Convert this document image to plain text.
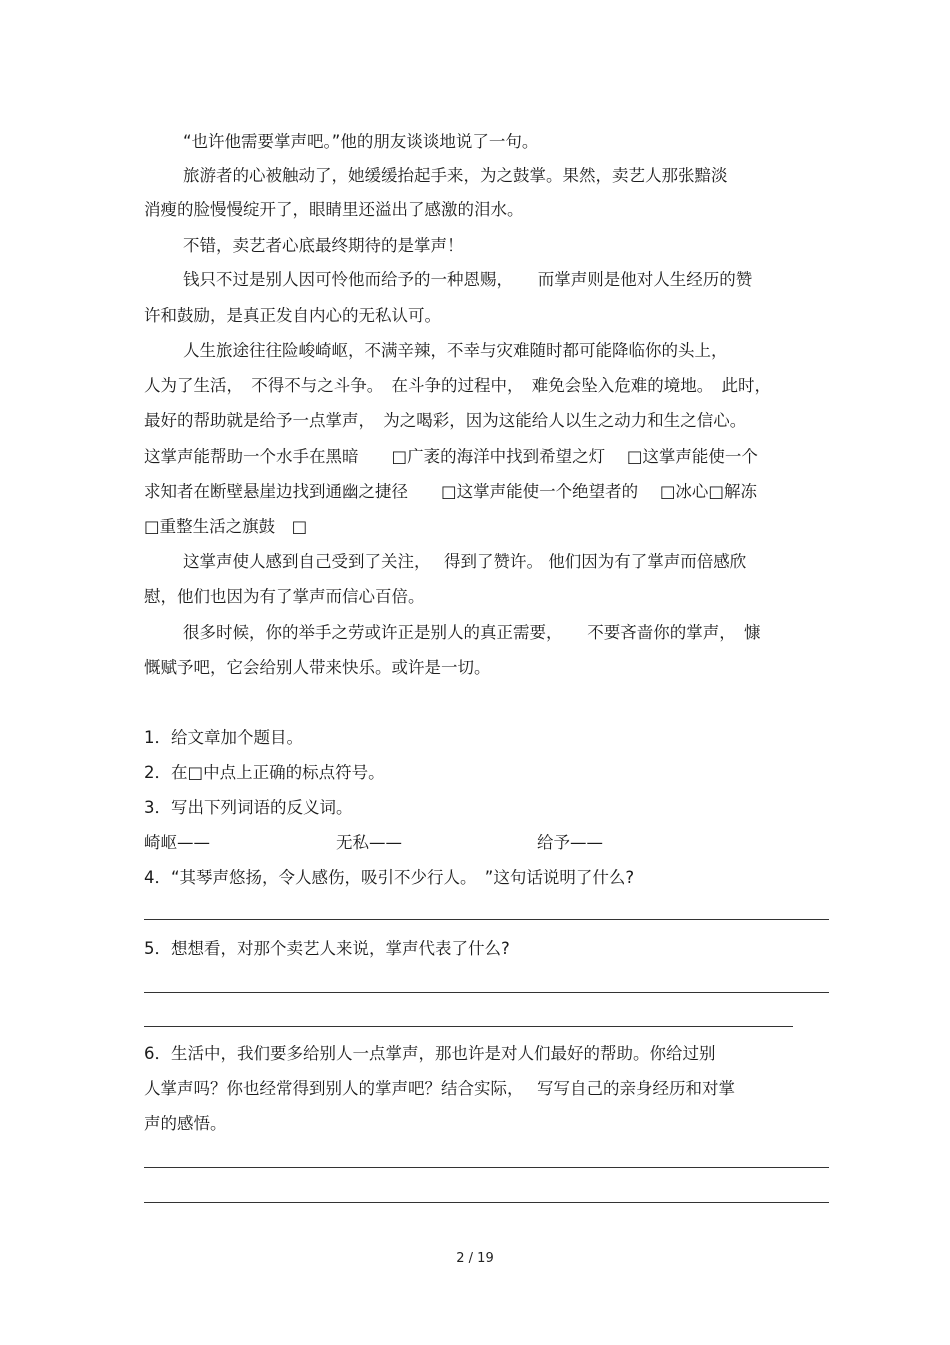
“也许他需要掌声吧。”他的朋友谈谈地说了一句。
旅游者的心被触动了，她缓缓抬起手来，为之鼓掌。果然，卖艺人那张黯淡
消瘦的脸慢慢绽开了，眼睛里还溢出了感激的泪水。
不错，卖艺者心底最终期待的是掌声！
钱只不过是别人因可怜他而给予的一种恩赐，　　而掌声则是他对人生经历的赞
许和鼓励，是真正发自内心的无私认可。
人生旅途往往险峻崎岖，不满辛辣，不幸与灾难随时都可能降临你的头上，
人为了生活，　不得不与之斗争。　在斗争的过程中，　难免会坠入危难的境地。　此时，
最好的帮助就是给予一点掌声，　为之喝彩，因为这能给人以生之动力和生之信心。
这掌声能帮助一个水手在黑暗　　□广袤的海洋中找到希望之灯　 □这掌声能使一个
求知者在断壁悬崖边找到通幽之捷径　　□这掌声能使一个绝望者的　 □冰心□解冻
□重整生活之旗鼓　□
这掌声使人感到自己受到了关注，　 得到了赞许。 他们因为有了掌声而倍感欣
慰，他们也因为有了掌声而信心百倍。
很多时候，你的举手之劳或许正是别人的真正需要，　　不要吝啬你的掌声，　慷
慨赋予吧，它会给别人带来快乐。或许是一切。
1．给文章加个题目。
2．在□中点上正确的标点符号。
3．写出下列词语的反义词。
崎岖——	无私——	给予——
4．“其琴声悠扬，令人感伤，吸引不少行人。　”这句话说明了什么?
5．想想看，对那个卖艺人来说，掌声代表了什么?
6．生活中，我们要多给别人一点掌声，那也许是对人们最好的帮助。你给过别
人掌声吗？你也经常得到别人的掌声吧？结合实际，　 写写自己的亲身经历和对掌
声的感悟。
2 / 19
